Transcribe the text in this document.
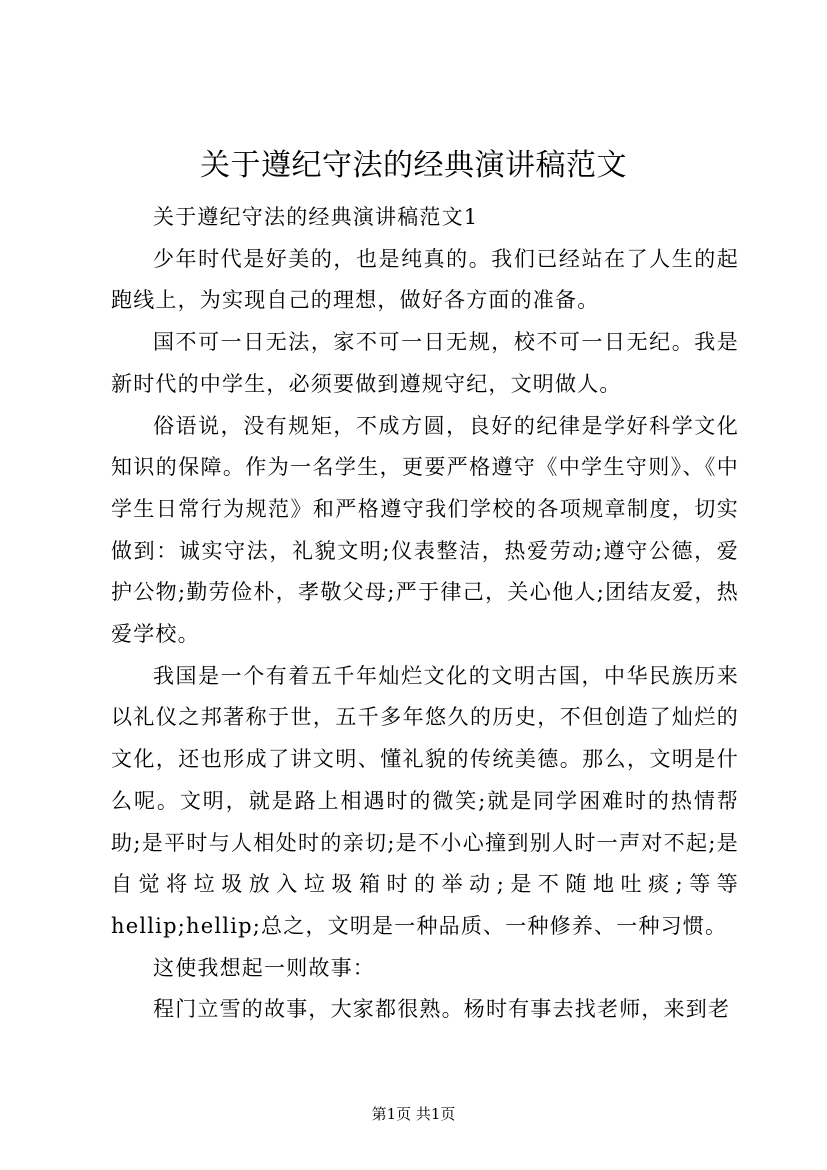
关于遵纪守法的经典演讲稿范文

关于遵纪守法的经典演讲稿范文1

少年时代是好美的，也是纯真的。我们已经站在了人生的起跑线上，为实现自己的理想，做好各方面的准备。

国不可一日无法，家不可一日无规，校不可一日无纪。我是新时代的中学生，必须要做到遵规守纪，文明做人。

俗语说，没有规矩，不成方圆，良好的纪律是学好科学文化知识的保障。作为一名学生，更要严格遵守《中学生守则》、《中学生日常行为规范》和严格遵守我们学校的各项规章制度，切实做到：诚实守法，礼貌文明;仪表整洁，热爱劳动;遵守公德，爱护公物;勤劳俭朴，孝敬父母;严于律己，关心他人;团结友爱，热爱学校。

我国是一个有着五千年灿烂文化的文明古国，中华民族历来以礼仪之邦著称于世，五千多年悠久的历史，不但创造了灿烂的文化，还也形成了讲文明、懂礼貌的传统美德。那么，文明是什么呢。文明，就是路上相遇时的微笑;就是同学困难时的热情帮助;是平时与人相处时的亲切;是不小心撞到别人时一声对不起;是自觉将垃圾放入垃圾箱时的举动;是不随地吐痰;等等hellip;hellip;总之，文明是一种品质、一种修养、一种习惯。

这使我想起一则故事：

程门立雪的故事，大家都很熟。杨时有事去找老师，来到老

第1页 共1页
